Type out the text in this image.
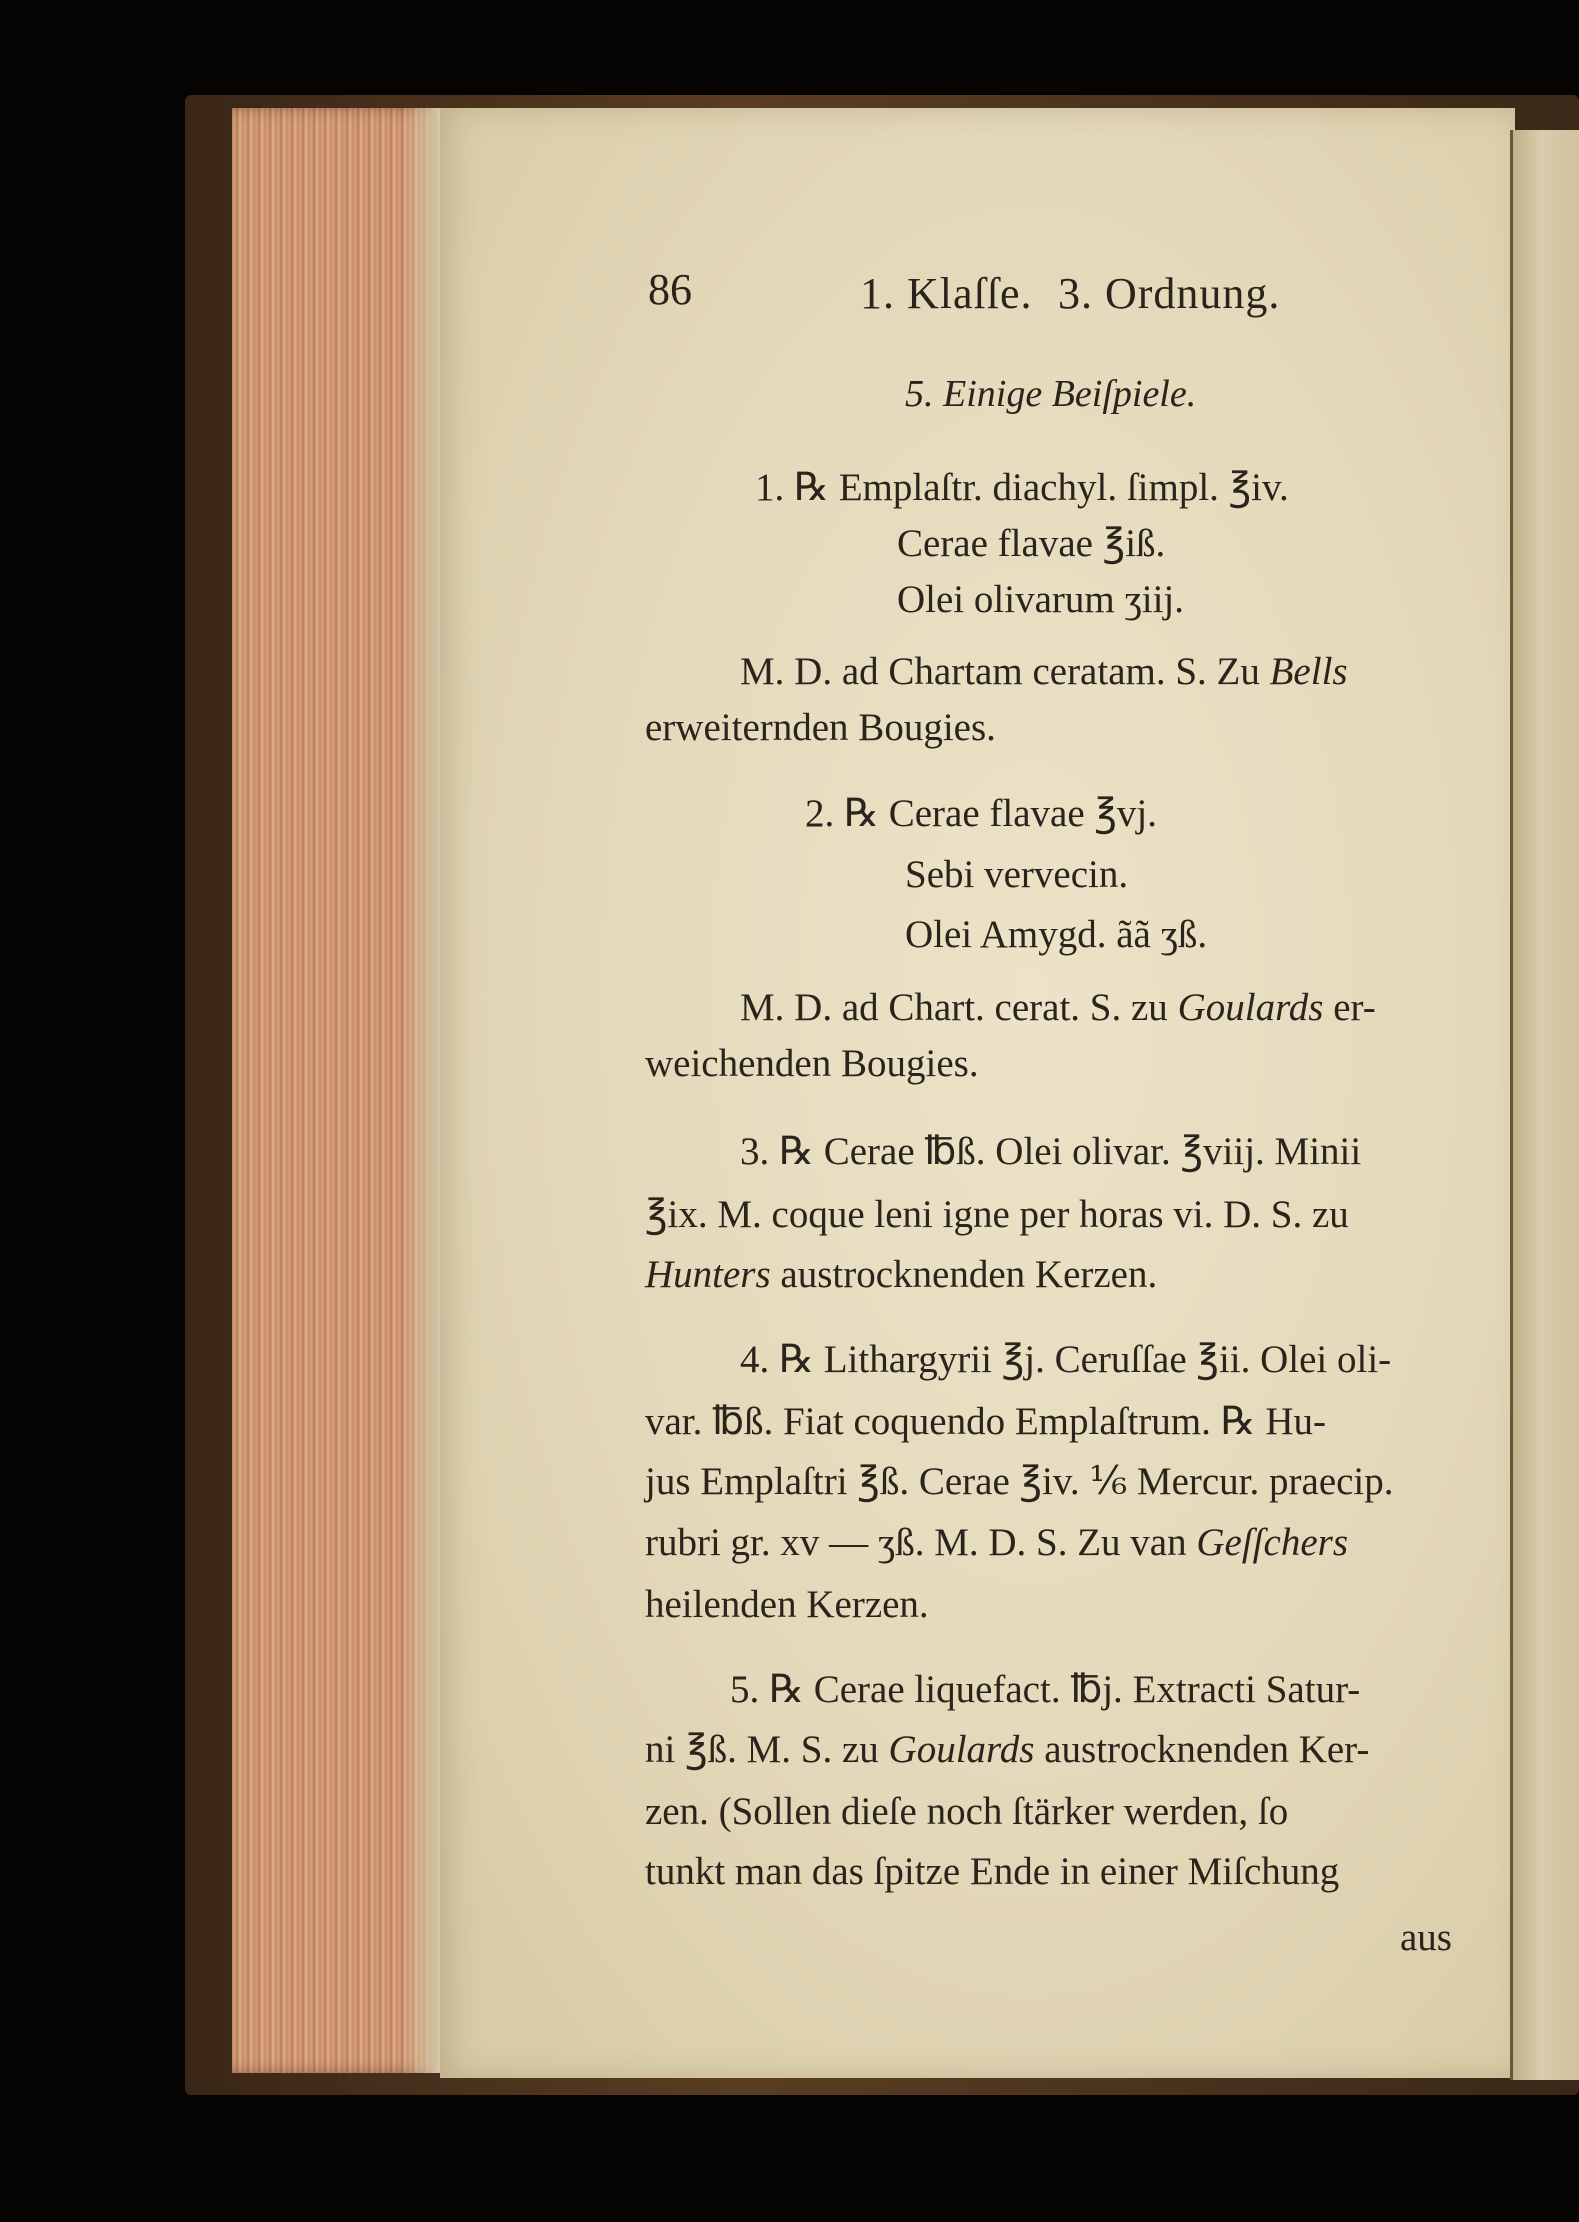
86	1. Klaſſe. 3. Ordnung.
5. Einige Beiſpiele.
1. ℞ Emplaſtr. diachyl. ſimpl. ℥iv.
Cerae flavae ℥iß.
Olei olivarum ʒiij.
M. D. ad Chartam ceratam. S. Zu Bells
erweiternden Bougies.
2. ℞ Cerae flavae ℥vj.
Sebi vervecin.
Olei Amygd. ãã ʒß.
M. D. ad Chart. cerat. S. zu Goulards er-
weichenden Bougies.
3. ℞ Cerae ℔ß. Olei olivar. ℥viij. Minii
℥ix. M. coque leni igne per horas vi. D. S. zu
Hunters austrocknenden Kerzen.
4. ℞ Lithargyrii ℥j. Ceruſſae ℥ii. Olei oli-
var. ℔ß. Fiat coquendo Emplaſtrum. ℞ Hu-
jus Emplaſtri ℥ß. Cerae ℥iv. ⅙ Mercur. praecip.
rubri gr. xv — ʒß. M. D. S. Zu van Geſſchers
heilenden Kerzen.
5. ℞ Cerae liquefact. ℔j. Extracti Satur-
ni ℥ß. M. S. zu Goulards austrocknenden Ker-
zen. (Sollen dieſe noch ſtärker werden, ſo
tunkt man das ſpitze Ende in einer Miſchung
aus
